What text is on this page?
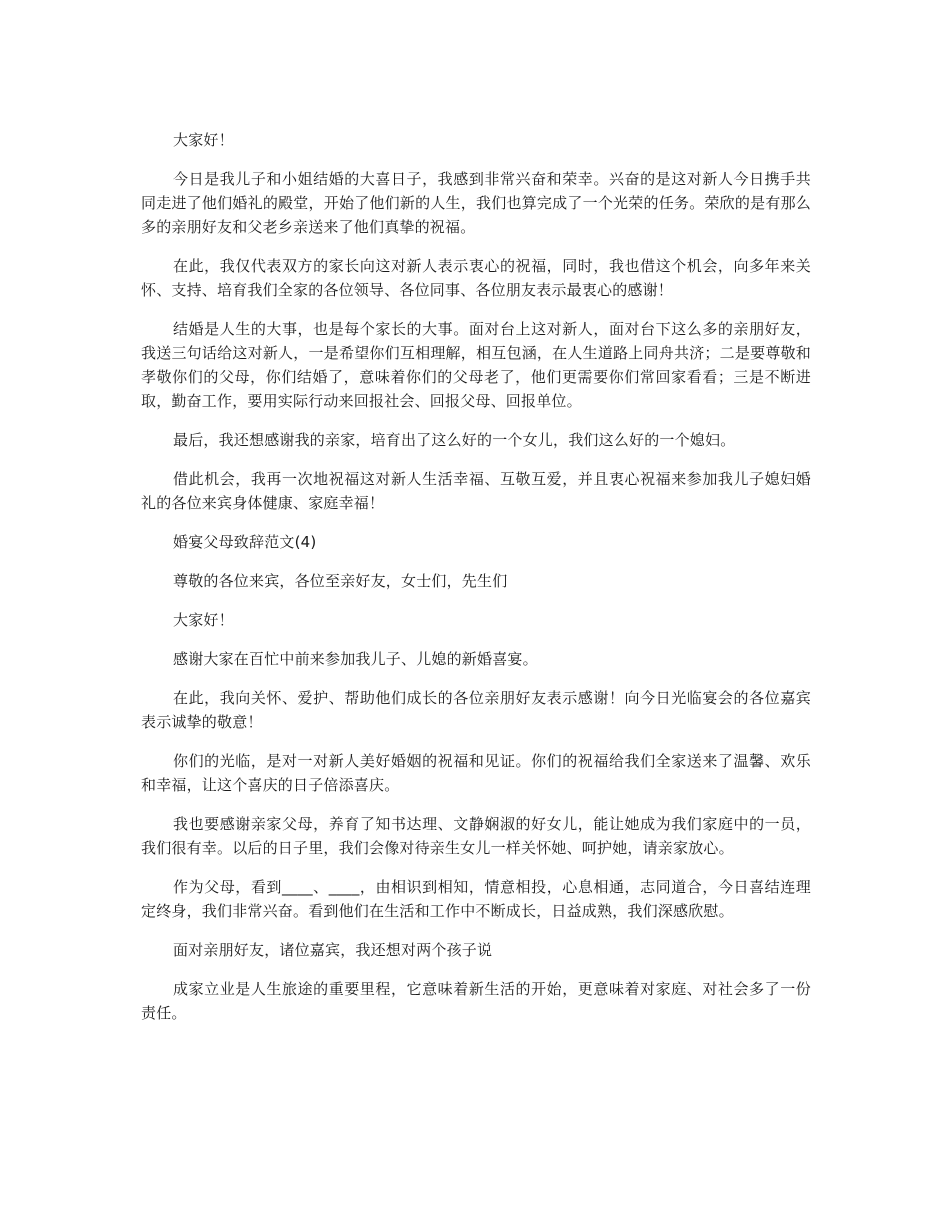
大家好！

今日是我儿子和小姐结婚的大喜日子，我感到非常兴奋和荣幸。兴奋的是这对新人今日携手共同走进了他们婚礼的殿堂，开始了他们新的人生，我们也算完成了一个光荣的任务。荣欣的是有那么多的亲朋好友和父老乡亲送来了他们真挚的祝福。

在此，我仅代表双方的家长向这对新人表示衷心的祝福，同时，我也借这个机会，向多年来关怀、支持、培育我们全家的各位领导、各位同事、各位朋友表示最衷心的感谢！

结婚是人生的大事，也是每个家长的大事。面对台上这对新人，面对台下这么多的亲朋好友，我送三句话给这对新人，一是希望你们互相理解，相互包涵，在人生道路上同舟共济；二是要尊敬和孝敬你们的父母，你们结婚了，意味着你们的父母老了，他们更需要你们常回家看看；三是不断进取，勤奋工作，要用实际行动来回报社会、回报父母、回报单位。

最后，我还想感谢我的亲家，培育出了这么好的一个女儿，我们这么好的一个媳妇。

借此机会，我再一次地祝福这对新人生活幸福、互敬互爱，并且衷心祝福来参加我儿子媳妇婚礼的各位来宾身体健康、家庭幸福！

婚宴父母致辞范文(4)

尊敬的各位来宾，各位至亲好友，女士们，先生们

大家好！

感谢大家在百忙中前来参加我儿子、儿媳的新婚喜宴。

在此，我向关怀、爱护、帮助他们成长的各位亲朋好友表示感谢！向今日光临宴会的各位嘉宾表示诚挚的敬意！

你们的光临，是对一对新人美好婚姻的祝福和见证。你们的祝福给我们全家送来了温馨、欢乐和幸福，让这个喜庆的日子倍添喜庆。

我也要感谢亲家父母，养育了知书达理、文静娴淑的好女儿，能让她成为我们家庭中的一员，我们很有幸。以后的日子里，我们会像对待亲生女儿一样关怀她、呵护她，请亲家放心。

作为父母，看到____、____，由相识到相知，情意相投，心息相通，志同道合，今日喜结连理定终身，我们非常兴奋。看到他们在生活和工作中不断成长，日益成熟，我们深感欣慰。

面对亲朋好友，诸位嘉宾，我还想对两个孩子说

成家立业是人生旅途的重要里程，它意味着新生活的开始，更意味着对家庭、对社会多了一份责任。
